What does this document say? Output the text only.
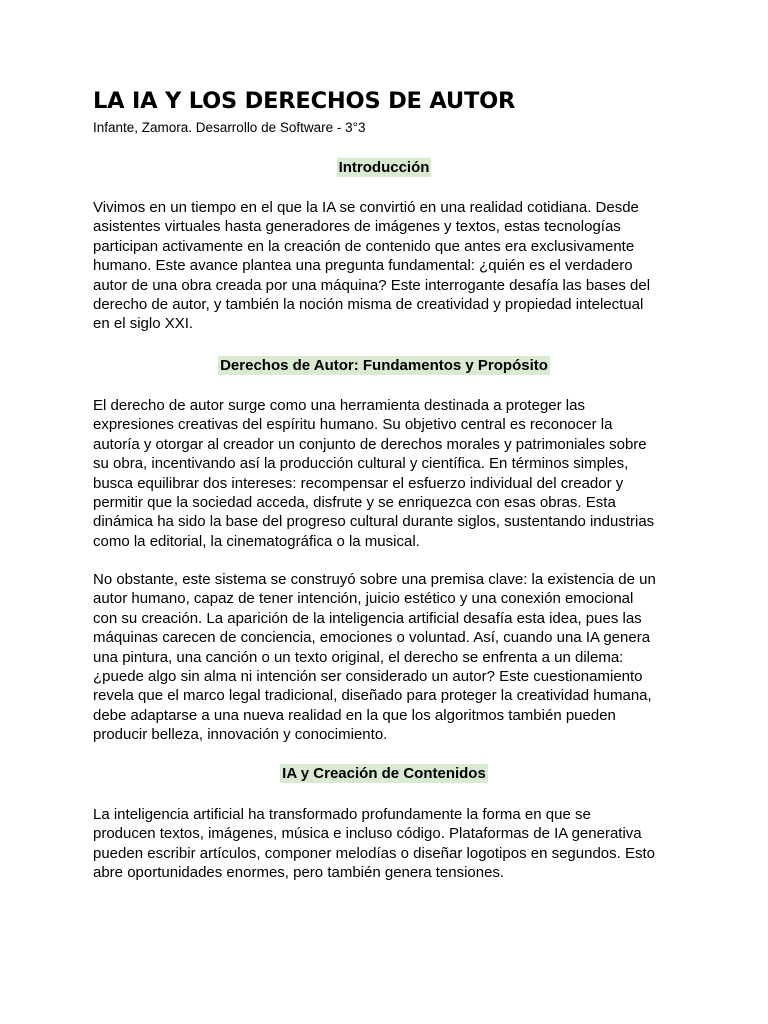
LA IA Y LOS DERECHOS DE AUTOR

Infante, Zamora. Desarrollo de Software - 3°3

Introducción

Vivimos en un tiempo en el que la IA se convirtió en una realidad cotidiana. Desde
asistentes virtuales hasta generadores de imágenes y textos, estas tecnologías
participan activamente en la creación de contenido que antes era exclusivamente
humano. Este avance plantea una pregunta fundamental: ¿quién es el verdadero
autor de una obra creada por una máquina? Este interrogante desafía las bases del
derecho de autor, y también la noción misma de creatividad y propiedad intelectual
en el siglo XXI.

Derechos de Autor: Fundamentos y Propósito

El derecho de autor surge como una herramienta destinada a proteger las
expresiones creativas del espíritu humano. Su objetivo central es reconocer la
autoría y otorgar al creador un conjunto de derechos morales y patrimoniales sobre
su obra, incentivando así la producción cultural y científica. En términos simples,
busca equilibrar dos intereses: recompensar el esfuerzo individual del creador y
permitir que la sociedad acceda, disfrute y se enriquezca con esas obras. Esta
dinámica ha sido la base del progreso cultural durante siglos, sustentando industrias
como la editorial, la cinematográfica o la musical.

No obstante, este sistema se construyó sobre una premisa clave: la existencia de un
autor humano, capaz de tener intención, juicio estético y una conexión emocional
con su creación. La aparición de la inteligencia artificial desafía esta idea, pues las
máquinas carecen de conciencia, emociones o voluntad. Así, cuando una IA genera
una pintura, una canción o un texto original, el derecho se enfrenta a un dilema:
¿puede algo sin alma ni intención ser considerado un autor? Este cuestionamiento
revela que el marco legal tradicional, diseñado para proteger la creatividad humana,
debe adaptarse a una nueva realidad en la que los algoritmos también pueden
producir belleza, innovación y conocimiento.

IA y Creación de Contenidos

La inteligencia artificial ha transformado profundamente la forma en que se
producen textos, imágenes, música e incluso código. Plataformas de IA generativa
pueden escribir artículos, componer melodías o diseñar logotipos en segundos. Esto
abre oportunidades enormes, pero también genera tensiones.
